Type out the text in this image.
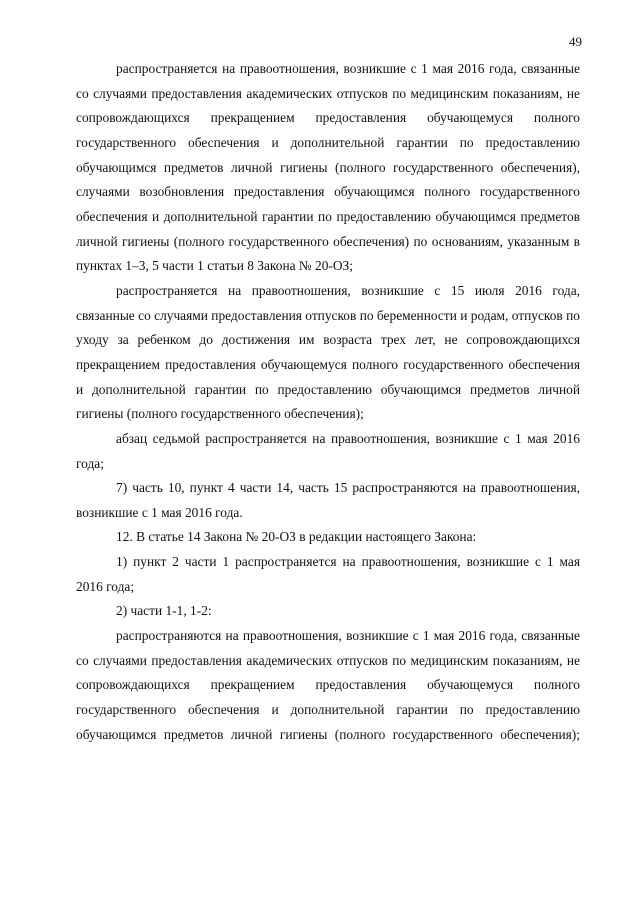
49

распространяется на правоотношения, возникшие с 1 мая 2016 года, связанные со случаями предоставления академических отпусков по медицинским показаниям, не сопровождающихся прекращением предоставления обучающемуся полного государственного обеспечения и дополнительной гарантии по предоставлению обучающимся предметов личной гигиены (полного государственного обеспечения), случаями возобновления предоставления обучающимся полного государственного обеспечения и дополнительной гарантии по предоставлению обучающимся предметов личной гигиены (полного государственного обеспечения) по основаниям, указанным в пунктах 1–3, 5 части 1 статьи 8 Закона № 20-ОЗ;

распространяется на правоотношения, возникшие с 15 июля 2016 года, связанные со случаями предоставления отпусков по беременности и родам, отпусков по уходу за ребенком до достижения им возраста трех лет, не сопровождающихся прекращением предоставления обучающемуся полного государственного обеспечения и дополнительной гарантии по предоставлению обучающимся предметов личной гигиены (полного государственного обеспечения);

абзац седьмой распространяется на правоотношения, возникшие с 1 мая 2016 года;

7) часть 10, пункт 4 части 14, часть 15 распространяются на правоотношения, возникшие с 1 мая 2016 года.

12. В статье 14 Закона № 20-ОЗ в редакции настоящего Закона:

1) пункт 2 части 1 распространяется на правоотношения, возникшие с 1 мая 2016 года;

2) части 1-1, 1-2:

распространяются на правоотношения, возникшие с 1 мая 2016 года, связанные со случаями предоставления академических отпусков по медицинским показаниям, не сопровождающихся прекращением предоставления обучающемуся полного государственного обеспечения и дополнительной гарантии по предоставлению обучающимся предметов личной гигиены (полного государственного обеспечения);
